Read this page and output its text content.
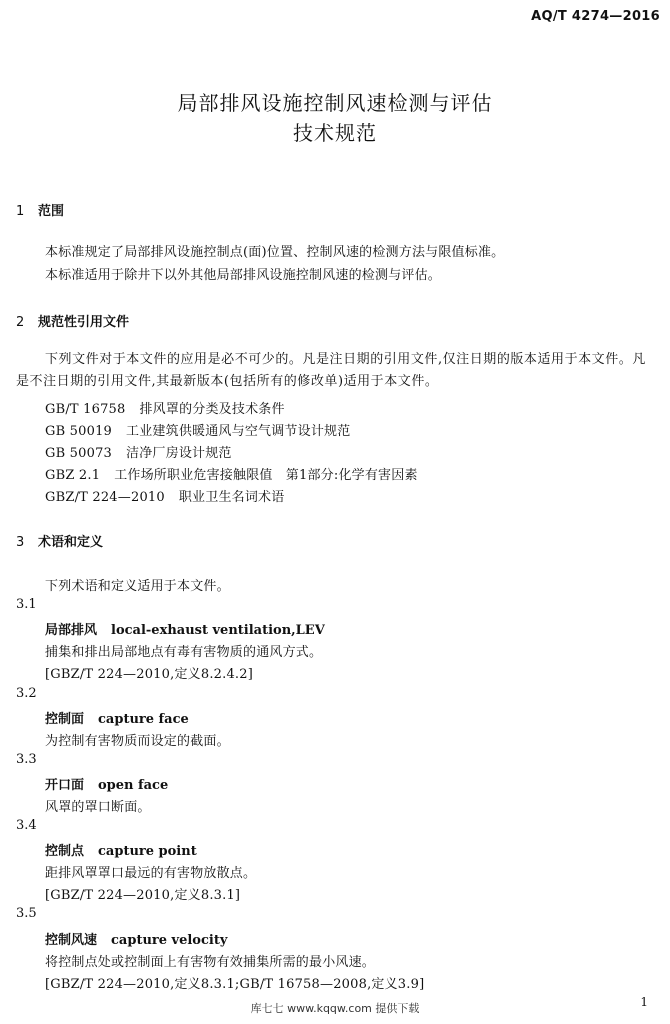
AQ/T 4274—2016
局部排风设施控制风速检测与评估
技术规范
1 范围
本标准规定了局部排风设施控制点(面)位置、控制风速的检测方法与限值标准。
本标准适用于除井下以外其他局部排风设施控制风速的检测与评估。
2 规范性引用文件
下列文件对于本文件的应用是必不可少的。凡是注日期的引用文件,仅注日期的版本适用于本文件。凡是不注日期的引用文件,其最新版本(包括所有的修改单)适用于本文件。
GB/T 16758 排风罩的分类及技术条件
GB 50019 工业建筑供暖通风与空气调节设计规范
GB 50073 洁净厂房设计规范
GBZ 2.1 工作场所职业危害接触限值　第1部分:化学有害因素
GBZ/T 224—2010 职业卫生名词术语
3 术语和定义
下列术语和定义适用于本文件。
3.1
局部排风 local-exhaust ventilation,LEV
捕集和排出局部地点有毒有害物质的通风方式。
[GBZ/T 224—2010,定义8.2.4.2]
3.2
控制面 capture face
为控制有害物质而设定的截面。
3.3
开口面 open face
风罩的罩口断面。
3.4
控制点 capture point
距排风罩罩口最远的有害物放散点。
[GBZ/T 224—2010,定义8.3.1]
3.5
控制风速 capture velocity
将控制点处或控制面上有害物有效捕集所需的最小风速。
[GBZ/T 224—2010,定义8.3.1;GB/T 16758—2008,定义3.9]
库七七 www.kqqw.com 提供下载	1
